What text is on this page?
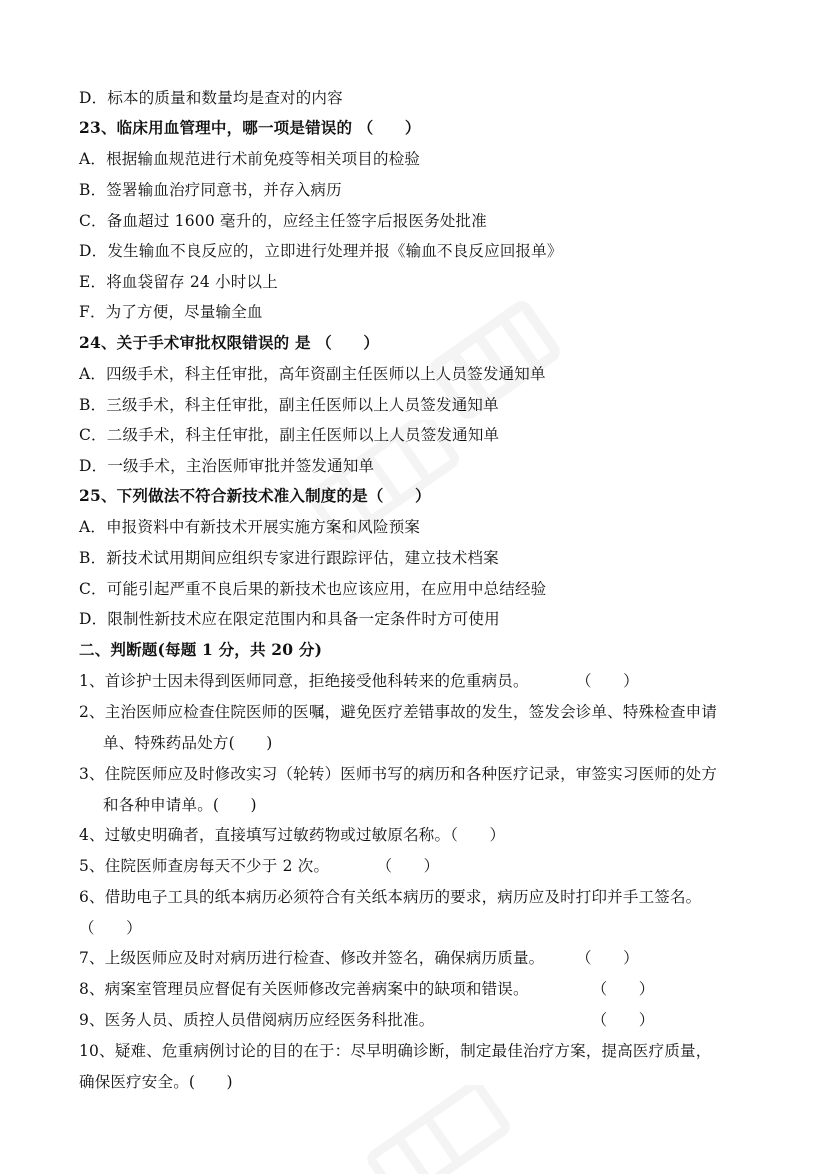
D．标本的质量和数量均是查对的内容
23、临床用血管理中，哪一项是错误的 （　　）
A．根据输血规范进行术前免疫等相关项目的检验
B．签署输血治疗同意书，并存入病历
C．备血超过 1600 毫升的，应经主任签字后报医务处批准
D．发生输血不良反应的，立即进行处理并报《输血不良反应回报单》
E．将血袋留存 24 小时以上
F．为了方便，尽量输全血
24、关于手术审批权限错误的 是 （　　）
A．四级手术，科主任审批，高年资副主任医师以上人员签发通知单
B．三级手术，科主任审批，副主任医师以上人员签发通知单
C．二级手术，科主任审批，副主任医师以上人员签发通知单
D．一级手术，主治医师审批并签发通知单
25、下列做法不符合新技术准入制度的是（　　）
A．申报资料中有新技术开展实施方案和风险预案
B．新技术试用期间应组织专家进行跟踪评估，建立技术档案
C．可能引起严重不良后果的新技术也应该应用，在应用中总结经验
D．限制性新技术应在限定范围内和具备一定条件时方可使用
二、判断题(每题 1 分，共 20 分)
1、首诊护士因未得到医师同意，拒绝接受他科转来的危重病员。　　　　（　　）
2、主治医师应检查住院医师的医嘱，避免医疗差错事故的发生，签发会诊单、特殊检查申请
单、特殊药品处方(　　)
3、住院医师应及时修改实习（轮转）医师书写的病历和各种医疗记录，审签实习医师的处方
和各种申请单。(　　)
4、过敏史明确者，直接填写过敏药物或过敏原名称。（　　）
5、住院医师查房每天不少于 2 次。　　　　（　　）
6、借助电子工具的纸本病历必须符合有关纸本病历的要求，病历应及时打印并手工签名。
（　　）
7、上级医师应及时对病历进行检查、修改并签名，确保病历质量。　　　（　　）
8、病案室管理员应督促有关医师修改完善病案中的缺项和错误。　　　　　（　　）
9、医务人员、质控人员借阅病历应经医务科批准。　　　　　　　　　　　（　　）
10、疑难、危重病例讨论的目的在于：尽早明确诊断，制定最佳治疗方案，提高医疗质量，
确保医疗安全。(　　)
